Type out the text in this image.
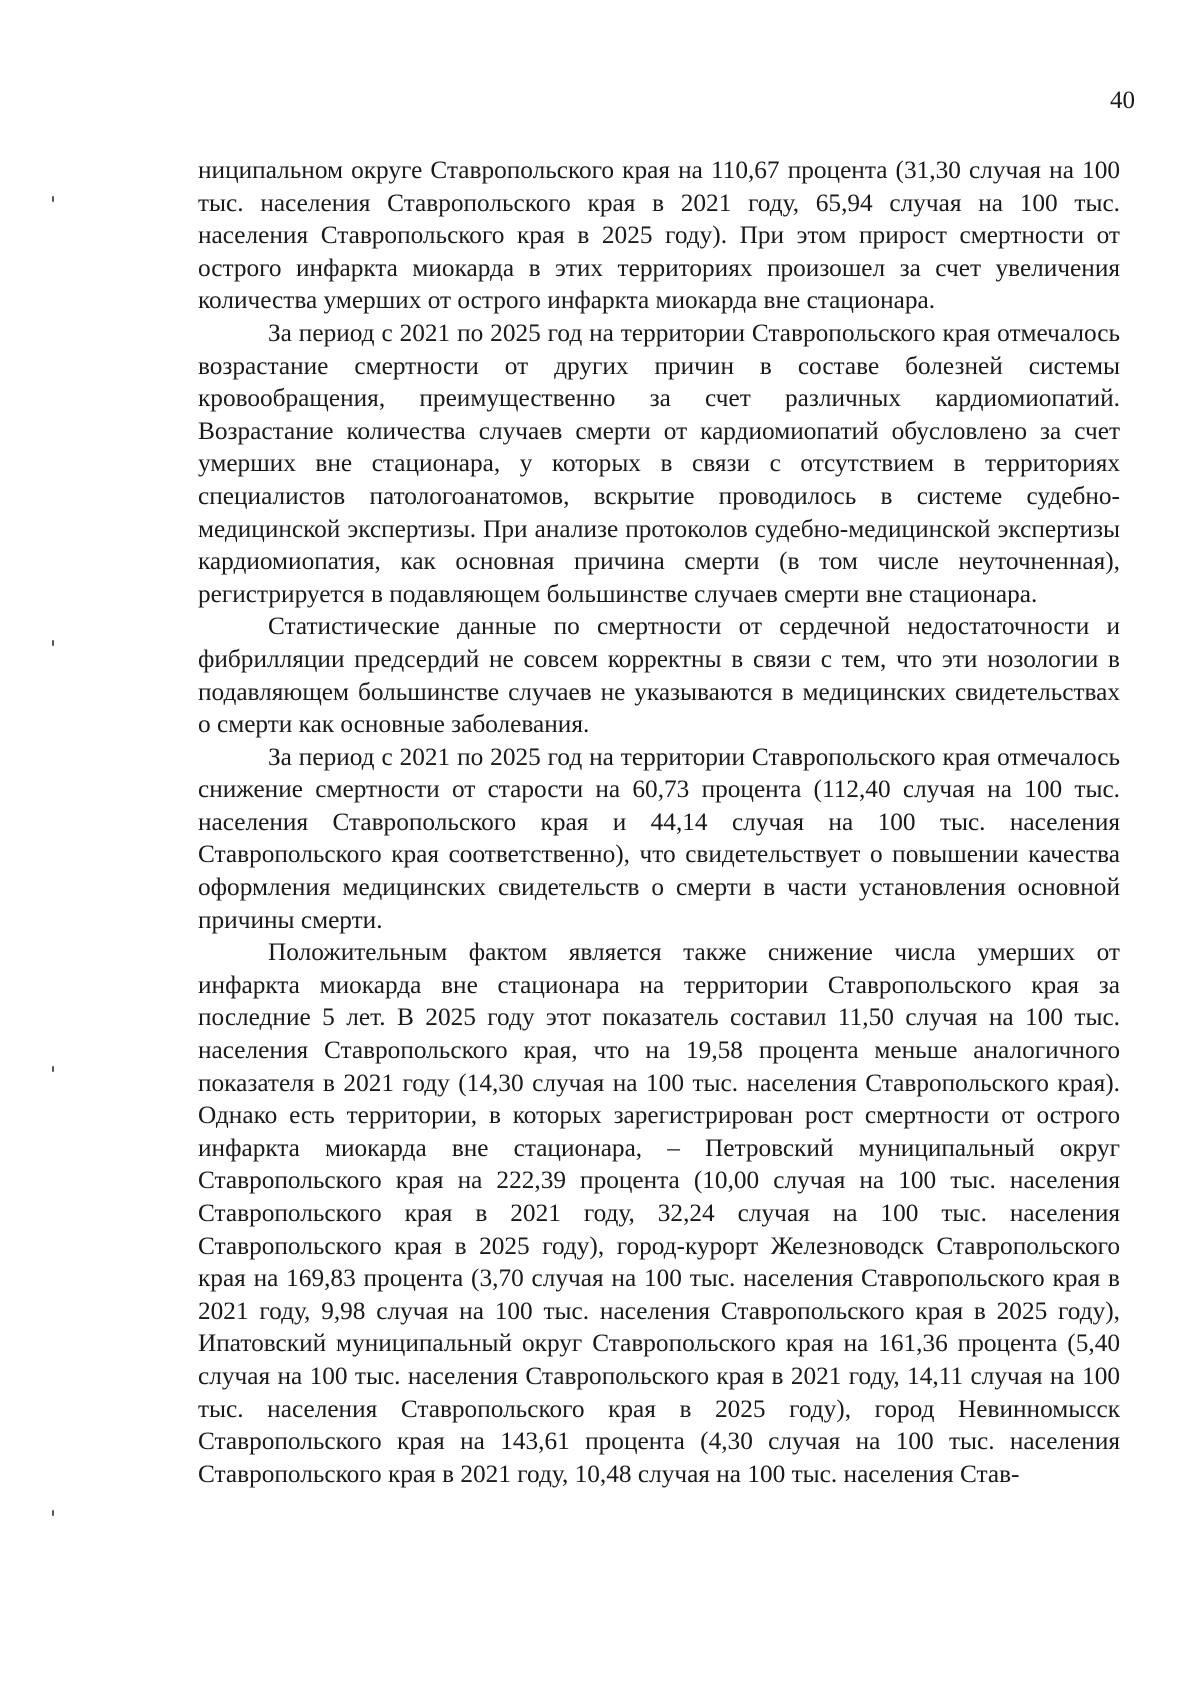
40

ниципальном округе Ставропольского края на 110,67 процента (31,30 случая на 100 тыс. населения Ставропольского края в 2021 году, 65,94 случая на 100 тыс. населения Ставропольского края в 2025 году). При этом прирост смертности от острого инфаркта миокарда в этих территориях произошел за счет увеличения количества умерших от острого инфаркта миокарда вне стационара.

За период с 2021 по 2025 год на территории Ставропольского края отмечалось возрастание смертности от других причин в составе болезней системы кровообращения, преимущественно за счет различных кардиомиопатий. Возрастание количества случаев смерти от кардиомиопатий обусловлено за счет умерших вне стационара, у которых в связи с отсутствием в территориях специалистов патологоанатомов, вскрытие проводилось в системе судебно-медицинской экспертизы. При анализе протоколов судебно-медицинской экспертизы кардиомиопатия, как основная причина смерти (в том числе неуточненная), регистрируется в подавляющем большинстве случаев смерти вне стационара.

Статистические данные по смертности от сердечной недостаточности и фибрилляции предсердий не совсем корректны в связи с тем, что эти нозологии в подавляющем большинстве случаев не указываются в медицинских свидетельствах о смерти как основные заболевания.

За период с 2021 по 2025 год на территории Ставропольского края отмечалось снижение смертности от старости на 60,73 процента (112,40 случая на 100 тыс. населения Ставропольского края и 44,14 случая на 100 тыс. населения Ставропольского края соответственно), что свидетельствует о повышении качества оформления медицинских свидетельств о смерти в части установления основной причины смерти.

Положительным фактом является также снижение числа умерших от инфаркта миокарда вне стационара на территории Ставропольского края за последние 5 лет. В 2025 году этот показатель составил 11,50 случая на 100 тыс. населения Ставропольского края, что на 19,58 процента меньше аналогичного показателя в 2021 году (14,30 случая на 100 тыс. населения Ставропольского края). Однако есть территории, в которых зарегистрирован рост смертности от острого инфаркта миокарда вне стационара, – Петровский муниципальный округ Ставропольского края на 222,39 процента (10,00 случая на 100 тыс. населения Ставропольского края в 2021 году, 32,24 случая на 100 тыс. населения Ставропольского края в 2025 году), город-курорт Железноводск Ставропольского края на 169,83 процента (3,70 случая на 100 тыс. населения Ставропольского края в 2021 году, 9,98 случая на 100 тыс. населения Ставропольского края в 2025 году), Ипатовский муниципальный округ Ставропольского края на 161,36 процента (5,40 случая на 100 тыс. населения Ставропольского края в 2021 году, 14,11 случая на 100 тыс. населения Ставропольского края в 2025 году), город Невинномысск Ставропольского края на 143,61 процента (4,30 случая на 100 тыс. населения Ставропольского края в 2021 году, 10,48 случая на 100 тыс. населения Став-
